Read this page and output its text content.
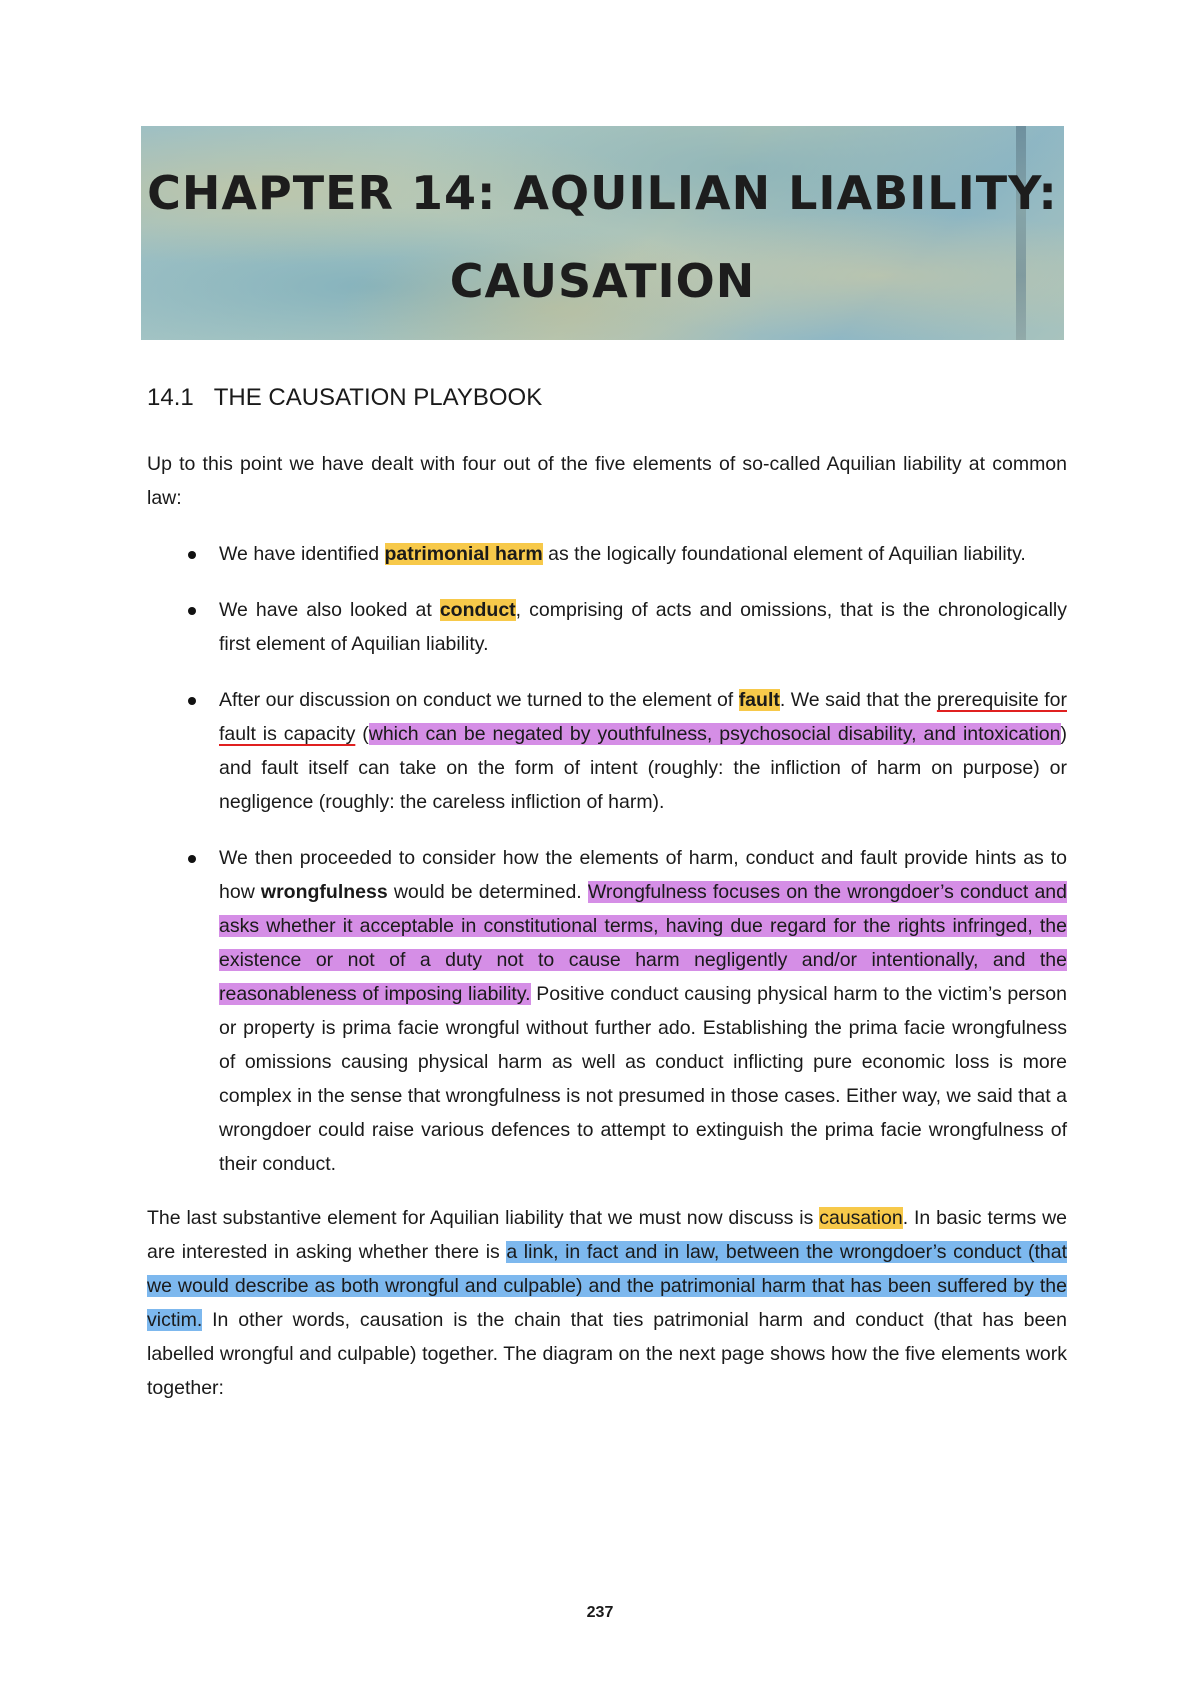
CHAPTER 14: AQUILIAN LIABILITY:
CAUSATION
14.1 THE CAUSATION PLAYBOOK

Up to this point we have dealt with four out of the five elements of so-called Aquilian liability at common law:

We have identified patrimonial harm as the logically foundational element of Aquilian liability.
We have also looked at conduct, comprising of acts and omissions, that is the chronologically first element of Aquilian liability.
After our discussion on conduct we turned to the element of fault. We said that the prerequisite for fault is capacity (which can be negated by youthfulness, psychosocial disability, and intoxication) and fault itself can take on the form of intent (roughly: the infliction of harm on purpose) or negligence (roughly: the careless infliction of harm).
We then proceeded to consider how the elements of harm, conduct and fault provide hints as to how wrongfulness would be determined. Wrongfulness focuses on the wrongdoer’s conduct and asks whether it acceptable in constitutional terms, having due regard for the rights infringed, the existence or not of a duty not to cause harm negligently and/or intentionally, and the reasonableness of imposing liability. Positive conduct causing physical harm to the victim’s person or property is prima facie wrongful without further ado. Establishing the prima facie wrongfulness of omissions causing physical harm as well as conduct inflicting pure economic loss is more complex in the sense that wrongfulness is not presumed in those cases. Either way, we said that a wrongdoer could raise various defences to attempt to extinguish the prima facie wrongfulness of their conduct.

The last substantive element for Aquilian liability that we must now discuss is causation. In basic terms we are interested in asking whether there is a link, in fact and in law, between the wrongdoer’s conduct (that we would describe as both wrongful and culpable) and the patrimonial harm that has been suffered by the victim. In other words, causation is the chain that ties patrimonial harm and conduct (that has been labelled wrongful and culpable) together. The diagram on the next page shows how the five elements work together:

237
